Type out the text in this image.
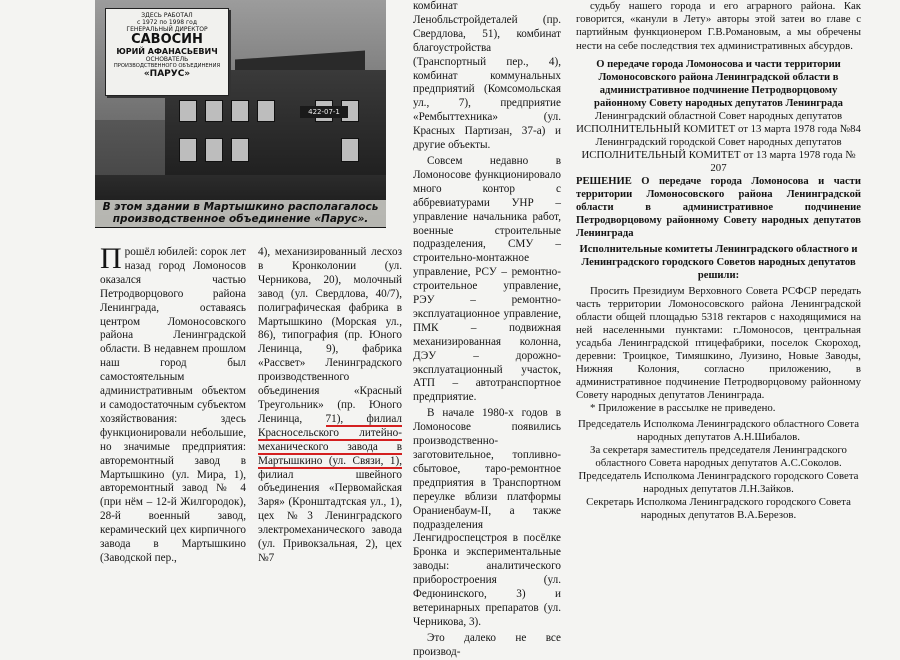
422-07-1
ЗДЕСЬ РАБОТАЛ
с 1972 по 1998 год
ГЕНЕРАЛЬНЫЙ ДИРЕКТОР
САВОСИН
ЮРИЙ АФАНАСЬЕВИЧ
ОСНОВАТЕЛЬ
ПРОИЗВОДСТВЕННОГО ОБЪЕДИНЕНИЯ
«ПАРУС»
В этом здании в Мартышкино располагалось производственное объединение «Парус».

Прошёл юбилей: сорок лет назад город Ломоносов оказался частью Петродворцового района Ленинграда, оставаясь центром Ломоносовского района Ленинградской области. В недавнем прошлом наш город был самостоятельным административным объектом и самодостаточным субъектом хозяйствования: здесь функционировали небольшие, но значимые предприятия: авторемонтный завод в Мартышкино (ул. Мира, 1), авторемонтный завод № 4 (при нём – 12-й Жилгородок), 28-й военный завод, керамический цех кирпичного завода в Мартышкино (Заводской пер.,

4), механизированный лесхоз в Кронколонии (ул. Черникова, 20), молочный завод (ул. Свердлова, 40/7), полиграфическая фабрика в Мартышкино (Морская ул., 86), типография (пр. Юного Ленинца, 9), фабрика «Рассвет» Ленинградского производственного объединения «Красный Треугольник» (пр. Юного Ленинца, 71), филиал Красносельского литейно-механического завода в Мартышкино (ул. Связи, 1), филиал швейного объединения «Первомайская Заря» (Кронштадтская ул., 1), цех №3 Ленинградского электромеханического завода (ул. Привокзальная, 2), цех №7

комбинат Ленобльстройдеталей (пр. Свердлова, 51), комбинат благоустройства (Транспортный пер., 4), комбинат коммунальных предприятий (Комсомольская ул., 7), предприятие «Рембыттехника» (ул. Красных Партизан, 37-а) и другие объекты.

Совсем недавно в Ломоносове функционировало много контор с аббревиатурами УНР – управление начальника работ, военные строительные подразделения, СМУ – строительно-монтажное управление, РСУ – ремонтно-строительное управление, РЭУ – ремонтно-эксплуатационное управление, ПМК – подвижная механизированная колонна, ДЭУ – дорожно-эксплуатационный участок, АТП – автотранспортное предприятие.

В начале 1980-х годов в Ломоносове появились производственно-заготовительное, топливно-сбытовое, тарo-ремонтное предприятия в Транспортном переулке вблизи платформы Ораниенбаум-II, а также подразделения Ленгидроспецстроя в посёлке Бронка и экспериментальные заводы: аналитического приборостроения (ул. Федюнинского, 3) и ветеринарных препаратов (ул. Черникова, 3).

Это далеко не все производ-

судьбу нашего города и его аграрного района. Как говорится, «канули в Лету» авторы этой затеи во главе с партийным функционером Г.В.Романовым, а мы обречены нести на себе последствия тех административных абсурдов.

О передаче города Ломоносова и части территории Ломоносовского района Ленинградской области в административное подчинение Петродворцовому районному Совету народных депутатов Ленинграда

Ленинградский областной Совет народных депутатов

ИСПОЛНИТЕЛЬНЫЙ КОМИТЕТ от 13 марта 1978 года №84

Ленинградский городской Совет народных депутатов

ИСПОЛНИТЕЛЬНЫЙ КОМИТЕТ от 13 марта 1978 года № 207

РЕШЕНИЕ О передаче города Ломоносова и части территории Ломоносовского района Ленинградской области в административное подчинение Петродворцовому районному Совету народных депутатов Ленинграда

Исполнительные комитеты Ленинградского областного и Ленинградского городского Советов народных депутатов решили:

Просить Президиум Верховного Совета РСФСР передать часть территории Ломоносовского района Ленинградской области общей площадью 5318 гектаров с находящимися на ней населенными пунктами: г.Ломоносов, центральная усадьба Ленинградской птицефабрики, поселок Скороход, деревни: Троицкое, Тимяшкино, Луизино, Новые Заводы, Нижняя Колония, согласно приложению, в административное подчинение Петродворцовому районному Совету народных депутатов Ленинграда.

* Приложение в рассылке не приведено.

Председатель Исполкома Ленинградского областного Совета народных депутатов А.Н.Шибалов.

За секретаря заместитель председателя Ленинградского областного Совета народных депутатов А.С.Соколов.

Председатель Исполкома Ленинградского городского Совета народных депутатов Л.Н.Зайков.

Секретарь Исполкома Ленинградского городского Совета народных депутатов В.А.Березов.
